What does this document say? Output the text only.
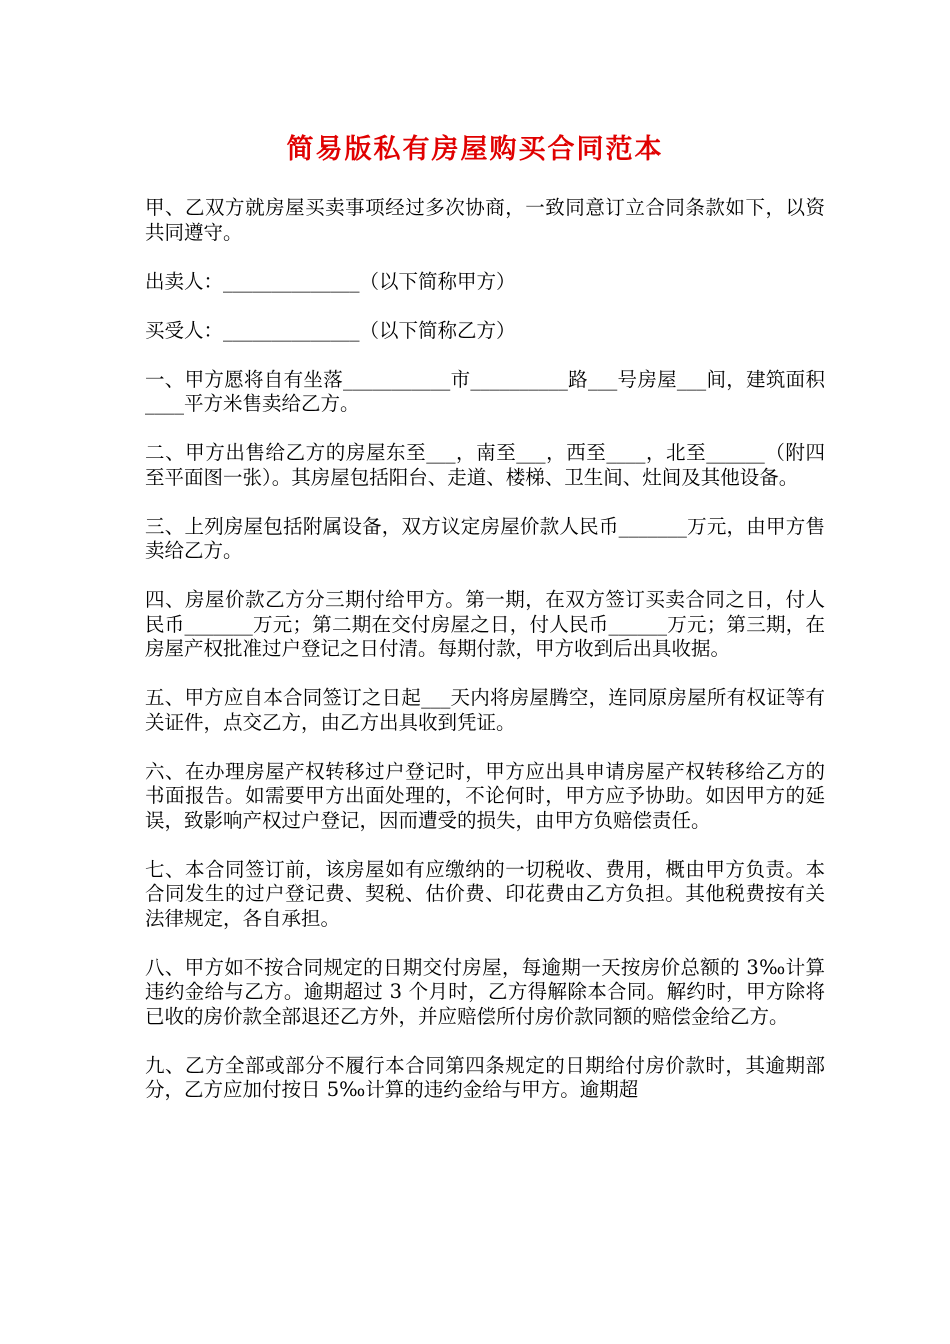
简易版私有房屋购买合同范本

甲、乙双方就房屋买卖事项经过多次协商，一致同意订立合同条款如下，以资共同遵守。

出卖人：______________（以下简称甲方）

买受人：______________（以下简称乙方）

一、甲方愿将自有坐落___________市__________路___号房屋___间，建筑面积____平方米售卖给乙方。

二、甲方出售给乙方的房屋东至___，南至___，西至____，北至______（附四至平面图一张）。其房屋包括阳台、走道、楼梯、卫生间、灶间及其他设备。

三、上列房屋包括附属设备，双方议定房屋价款人民币_______万元，由甲方售卖给乙方。

四、房屋价款乙方分三期付给甲方。第一期，在双方签订买卖合同之日，付人民币_______万元；第二期在交付房屋之日，付人民币______万元；第三期，在房屋产权批准过户登记之日付清。每期付款，甲方收到后出具收据。

五、甲方应自本合同签订之日起___天内将房屋腾空，连同原房屋所有权证等有关证件，点交乙方，由乙方出具收到凭证。

六、在办理房屋产权转移过户登记时，甲方应出具申请房屋产权转移给乙方的书面报告。如需要甲方出面处理的，不论何时，甲方应予协助。如因甲方的延误，致影响产权过户登记，因而遭受的损失，由甲方负赔偿责任。

七、本合同签订前，该房屋如有应缴纳的一切税收、费用，概由甲方负责。本合同发生的过户登记费、契税、估价费、印花费由乙方负担。其他税费按有关法律规定，各自承担。

八、甲方如不按合同规定的日期交付房屋，每逾期一天按房价总额的 3‰计算违约金给与乙方。逾期超过 3 个月时，乙方得解除本合同。解约时，甲方除将已收的房价款全部退还乙方外，并应赔偿所付房价款同额的赔偿金给乙方。

九、乙方全部或部分不履行本合同第四条规定的日期给付房价款时，其逾期部分，乙方应加付按日 5‰计算的违约金给与甲方。逾期超
